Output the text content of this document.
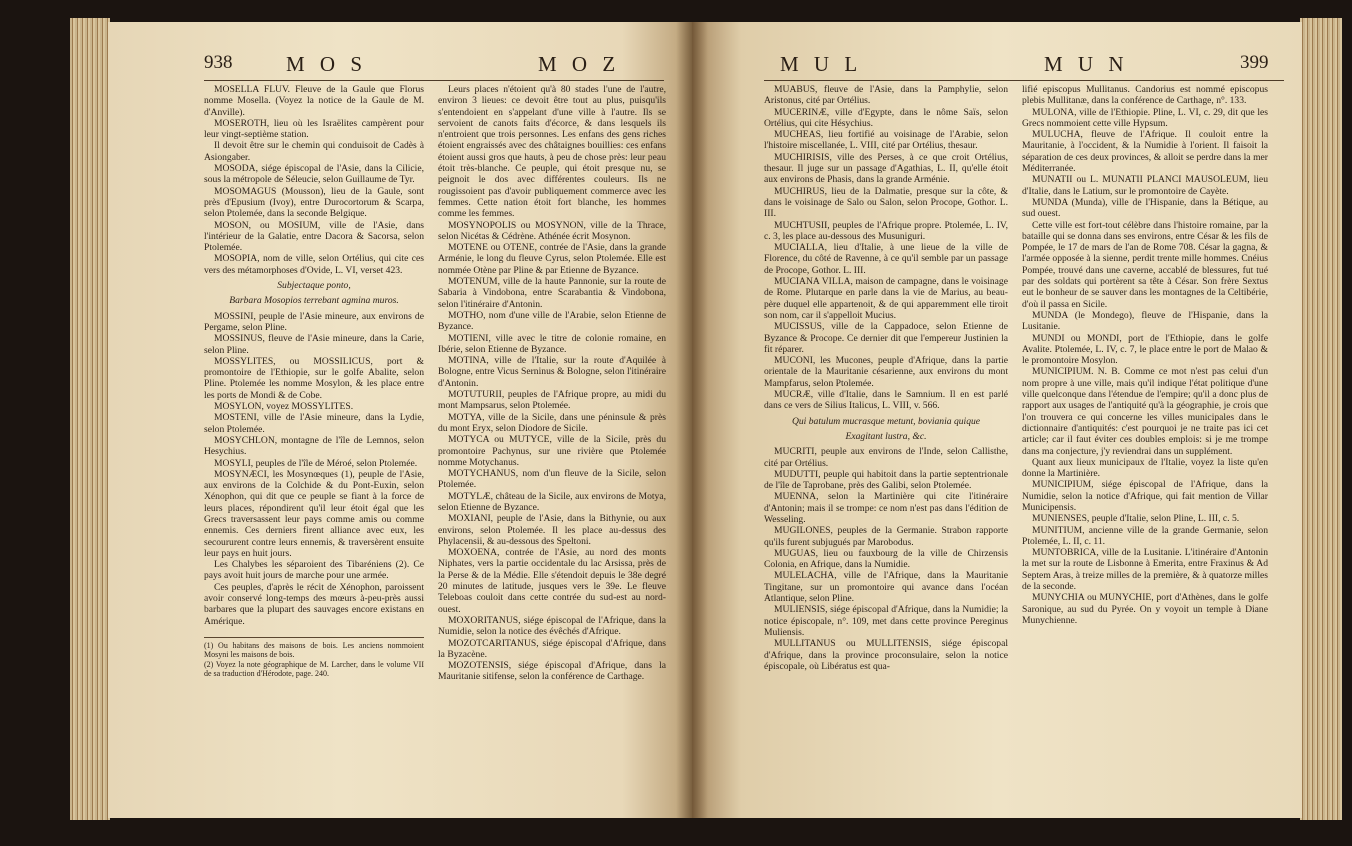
938	M O S	M O Z

MOSELLA FLUV. Fleuve de la Gaule que Florus nomme Mosella. (Voyez la notice de la Gaule de M. d'Anville).

MOSEROTH, lieu où les Israëlites campèrent pour leur vingt-septième station.

Il devoit être sur le chemin qui conduisoit de Cadès à Asiongaber.

MOSODA, siége épiscopal de l'Asie, dans la Cilicie, sous la métropole de Séleucie, selon Guillaume de Tyr.

MOSOMAGUS (Mousson), lieu de la Gaule, sont près d'Epusium (Ivoy), entre Durocortorum & Scarpa, selon Ptolemée, dans la seconde Belgique.

MOSON, ou MOSIUM, ville de l'Asie, dans l'intérieur de la Galatie, entre Dacora & Sacorsa, selon Ptolemée.

MOSOPIA, nom de ville, selon Ortélius, qui cite ces vers des métamorphoses d'Ovide, L. VI, verset 423.

Subjectaque ponto,

Barbara Mosopios terrebant agmina muros.

MOSSINI, peuple de l'Asie mineure, aux environs de Pergame, selon Pline.

MOSSINUS, fleuve de l'Asie mineure, dans la Carie, selon Pline.

MOSSYLITES, ou MOSSILICUS, port & promontoire de l'Ethiopie, sur le golfe Abalite, selon Pline. Ptolemée les nomme Mosylon, & les place entre les ports de Mondi & de Cobe.

MOSYLON, voyez MOSSYLITES.

MOSTENI, ville de l'Asie mineure, dans la Lydie, selon Ptolemée.

MOSYCHLON, montagne de l'île de Lemnos, selon Hesychius.

MOSYLI, peuples de l'île de Méroé, selon Ptolemée.

MOSYNÆCI, les Mosynœques (1), peuple de l'Asie, aux environs de la Colchide & du Pont-Euxin, selon Xénophon, qui dit que ce peuple se fiant à la force de leurs places, répondirent qu'il leur étoit égal que les Grecs traversassent leur pays comme amis ou comme ennemis. Ces derniers firent alliance avec eux, les secoururent contre leurs ennemis, & traversèrent ensuite leur pays en huit jours.

Les Chalybes les séparoient des Tibaréniens (2). Ce pays avoit huit jours de marche pour une armée.

Ces peuples, d'après le récit de Xénophon, paroissent avoir conservé long-temps des mœurs à-peu-près aussi barbares que la plupart des sauvages encore existans en Amérique.

(1) Ou habitans des maisons de bois. Les anciens nommoient Mosyni les maisons de bois.

(2) Voyez la note géographique de M. Larcher, dans le volume VII de sa traduction d'Hérodote, page. 240.

Leurs places n'étoient qu'à 80 stades l'une de l'autre, environ 3 lieues: ce devoit être tout au plus, puisqu'ils s'entendoient en s'appelant d'une ville à l'autre. Ils se servoient de canots faits d'écorce, & dans lesquels ils n'entroient que trois personnes. Les enfans des gens riches étoient engraissés avec des châtaignes bouillies: ces enfans étoient aussi gros que hauts, à peu de chose près: leur peau étoit très-blanche. Ce peuple, qui étoit presque nu, se peignoit le dos avec différentes couleurs. Ils ne rougissoient pas d'avoir publiquement commerce avec les femmes. Cette nation étoit fort blanche, les hommes comme les femmes.

MOSYNOPOLIS ou MOSYNON, ville de la Thrace, selon Nicétas & Cédrène. Athénée écrit Mosynon.

MOTENE ou OTENE, contrée de l'Asie, dans la grande Arménie, le long du fleuve Cyrus, selon Ptolemée. Elle est nommée Otène par Pline & par Etienne de Byzance.

MOTENUM, ville de la haute Pannonie, sur la route de Sabaria à Vindobona, entre Scarabantia & Vindobona, selon l'itinéraire d'Antonin.

MOTHO, nom d'une ville de l'Arabie, selon Etienne de Byzance.

MOTIENI, ville avec le titre de colonie romaine, en Ibérie, selon Etienne de Byzance.

MOTINA, ville de l'Italie, sur la route d'Aquilée à Bologne, entre Vicus Serninus & Bologne, selon l'itinéraire d'Antonin.

MOTUTURII, peuples de l'Afrique propre, au midi du mont Mampsarus, selon Ptolemée.

MOTYA, ville de la Sicile, dans une péninsule & près du mont Eryx, selon Diodore de Sicile.

MOTYCA ou MUTYCE, ville de la Sicile, près du promontoire Pachynus, sur une rivière que Ptolemée nomme Motychanus.

MOTYCHANUS, nom d'un fleuve de la Sicile, selon Ptolemée.

MOTYLÆ, château de la Sicile, aux environs de Motya, selon Etienne de Byzance.

MOXIANI, peuple de l'Asie, dans la Bithynie, ou aux environs, selon Ptolemée. Il les place au-dessus des Phylacensii, & au-dessous des Speltoni.

MOXOENA, contrée de l'Asie, au nord des monts Niphates, vers la partie occidentale du lac Arsissa, près de la Perse & de la Médie. Elle s'étendoit depuis le 38e degré 20 minutes de latitude, jusques vers le 39e. Le fleuve Teleboas couloit dans cette contrée du sud-est au nord-ouest.

MOXORITANUS, siége épiscopal de l'Afrique, dans la Numidie, selon la notice des évêchés d'Afrique.

MOZOTCARITANUS, siége épiscopal d'Afrique, dans la Byzacène.

MOZOTENSIS, siége épiscopal d'Afrique, dans la Mauritanie sitifense, selon la conférence de Carthage.

M U L	M U N	399

MUABUS, fleuve de l'Asie, dans la Pamphylie, selon Aristonus, cité par Ortélius.

MUCERINÆ, ville d'Egypte, dans le nôme Saïs, selon Ortélius, qui cite Hésychius.

MUCHEAS, lieu fortifié au voisinage de l'Arabie, selon l'histoire miscellanée, L. VIII, cité par Ortélius, thesaur.

MUCHIRISIS, ville des Perses, à ce que croit Ortélius, thesaur. Il juge sur un passage d'Agathias, L. II, qu'elle étoit aux environs de Phasis, dans la grande Arménie.

MUCHIRUS, lieu de la Dalmatie, presque sur la côte, & dans le voisinage de Salo ou Salon, selon Procope, Gothor. L. III.

MUCHTUSII, peuples de l'Afrique propre. Ptolemée, L. IV, c. 3, les place au-dessous des Musuniguri.

MUCIALLA, lieu d'Italie, à une lieue de la ville de Florence, du côté de Ravenne, à ce qu'il semble par un passage de Procope, Gothor. L. III.

MUCIANA VILLA, maison de campagne, dans le voisinage de Rome. Plutarque en parle dans la vie de Marius, au beau-père duquel elle appartenoit, & de qui apparemment elle tiroit son nom, car il s'appelloit Mucius.

MUCISSUS, ville de la Cappadoce, selon Etienne de Byzance & Procope. Ce dernier dit que l'empereur Justinien la fit réparer.

MUCONI, les Mucones, peuple d'Afrique, dans la partie orientale de la Mauritanie césarienne, aux environs du mont Mampfarus, selon Ptolemée.

MUCRÆ, ville d'Italie, dans le Samnium. Il en est parlé dans ce vers de Silius Italicus, L. VIII, v. 566.

Qui batulum mucrasque metunt, boviania quique

Exagitant lustra, &c.

MUCRITI, peuple aux environs de l'Inde, selon Callisthe, cité par Ortélius.

MUDUTTI, peuple qui habitoit dans la partie septentrionale de l'île de Taprobane, près des Galibi, selon Ptolemée.

MUENNA, selon la Martinière qui cite l'itinéraire d'Antonin; mais il se trompe: ce nom n'est pas dans l'édition de Wesseling.

MUGILONES, peuples de la Germanie. Strabon rapporte qu'ils furent subjugués par Marobodus.

MUGUAS, lieu ou fauxbourg de la ville de Chirzensis Colonia, en Afrique, dans la Numidie.

MULELACHA, ville de l'Afrique, dans la Mauritanie Tingitane, sur un promontoire qui avance dans l'océan Atlantique, selon Pline.

MULIENSIS, siége épiscopal d'Afrique, dans la Numidie; la notice épiscopale, n°. 109, met dans cette province Pereginus Muliensis.

MULLITANUS ou MULLITENSIS, siége épiscopal d'Afrique, dans la province proconsulaire, selon la notice épiscopale, où Libératus est qua-

lifié episcopus Mullitanus. Candorius est nommé episcopus plebis Mullitanæ, dans la conférence de Carthage, n°. 133.

MULONA, ville de l'Ethiopie. Pline, L. VI, c. 29, dit que les Grecs nommoient cette ville Hypsum.

MULUCHA, fleuve de l'Afrique. Il couloit entre la Mauritanie, à l'occident, & la Numidie à l'orient. Il faisoit la séparation de ces deux provinces, & alloit se perdre dans la mer Méditerranée.

MUNATII ou L. MUNATII PLANCI MAUSOLEUM, lieu d'Italie, dans le Latium, sur le promontoire de Cayète.

MUNDA (Munda), ville de l'Hispanie, dans la Bétique, au sud ouest.

Cette ville est fort-tout célèbre dans l'histoire romaine, par la bataille qui se donna dans ses environs, entre César & les fils de Pompée, le 17 de mars de l'an de Rome 708. César la gagna, & l'armée opposée à la sienne, perdit trente mille hommes. Cnéius Pompée, trouvé dans une caverne, accablé de blessures, fut tué par des soldats qui portèrent sa tête à César. Son frère Sextus eut le bonheur de se sauver dans les montagnes de la Celtibérie, d'où il passa en Sicile.

MUNDA (le Mondego), fleuve de l'Hispanie, dans la Lusitanie.

MUNDI ou MONDI, port de l'Ethiopie, dans le golfe Avalite. Ptolemée, L. IV, c. 7, le place entre le port de Malao & le promontoire Mosylon.

MUNICIPIUM. N. B. Comme ce mot n'est pas celui d'un nom propre à une ville, mais qu'il indique l'état politique d'une ville quelconque dans l'étendue de l'empire; qu'il a donc plus de rapport aux usages de l'antiquité qu'à la géographie, je crois que l'on trouvera ce qui concerne les villes municipales dans le dictionnaire d'antiquités: c'est pourquoi je ne traite pas ici cet article; car il faut éviter ces doubles emplois: si je me trompe dans ma conjecture, j'y reviendrai dans un supplément.

Quant aux lieux municipaux de l'Italie, voyez la liste qu'en donne la Martinière.

MUNICIPIUM, siége épiscopal de l'Afrique, dans la Numidie, selon la notice d'Afrique, qui fait mention de Villar Municipensis.

MUNIENSES, peuple d'Italie, selon Pline, L. III, c. 5.

MUNITIUM, ancienne ville de la grande Germanie, selon Ptolemée, L. II, c. 11.

MUNTOBRICA, ville de la Lusitanie. L'itinéraire d'Antonin la met sur la route de Lisbonne à Emerita, entre Fraxinus & Ad Septem Aras, à treize milles de la première, & à quatorze milles de la seconde.

MUNYCHIA ou MUNYCHIE, port d'Athènes, dans le golfe Saronique, au sud du Pyrée. On y voyoit un temple à Diane Munychienne.
